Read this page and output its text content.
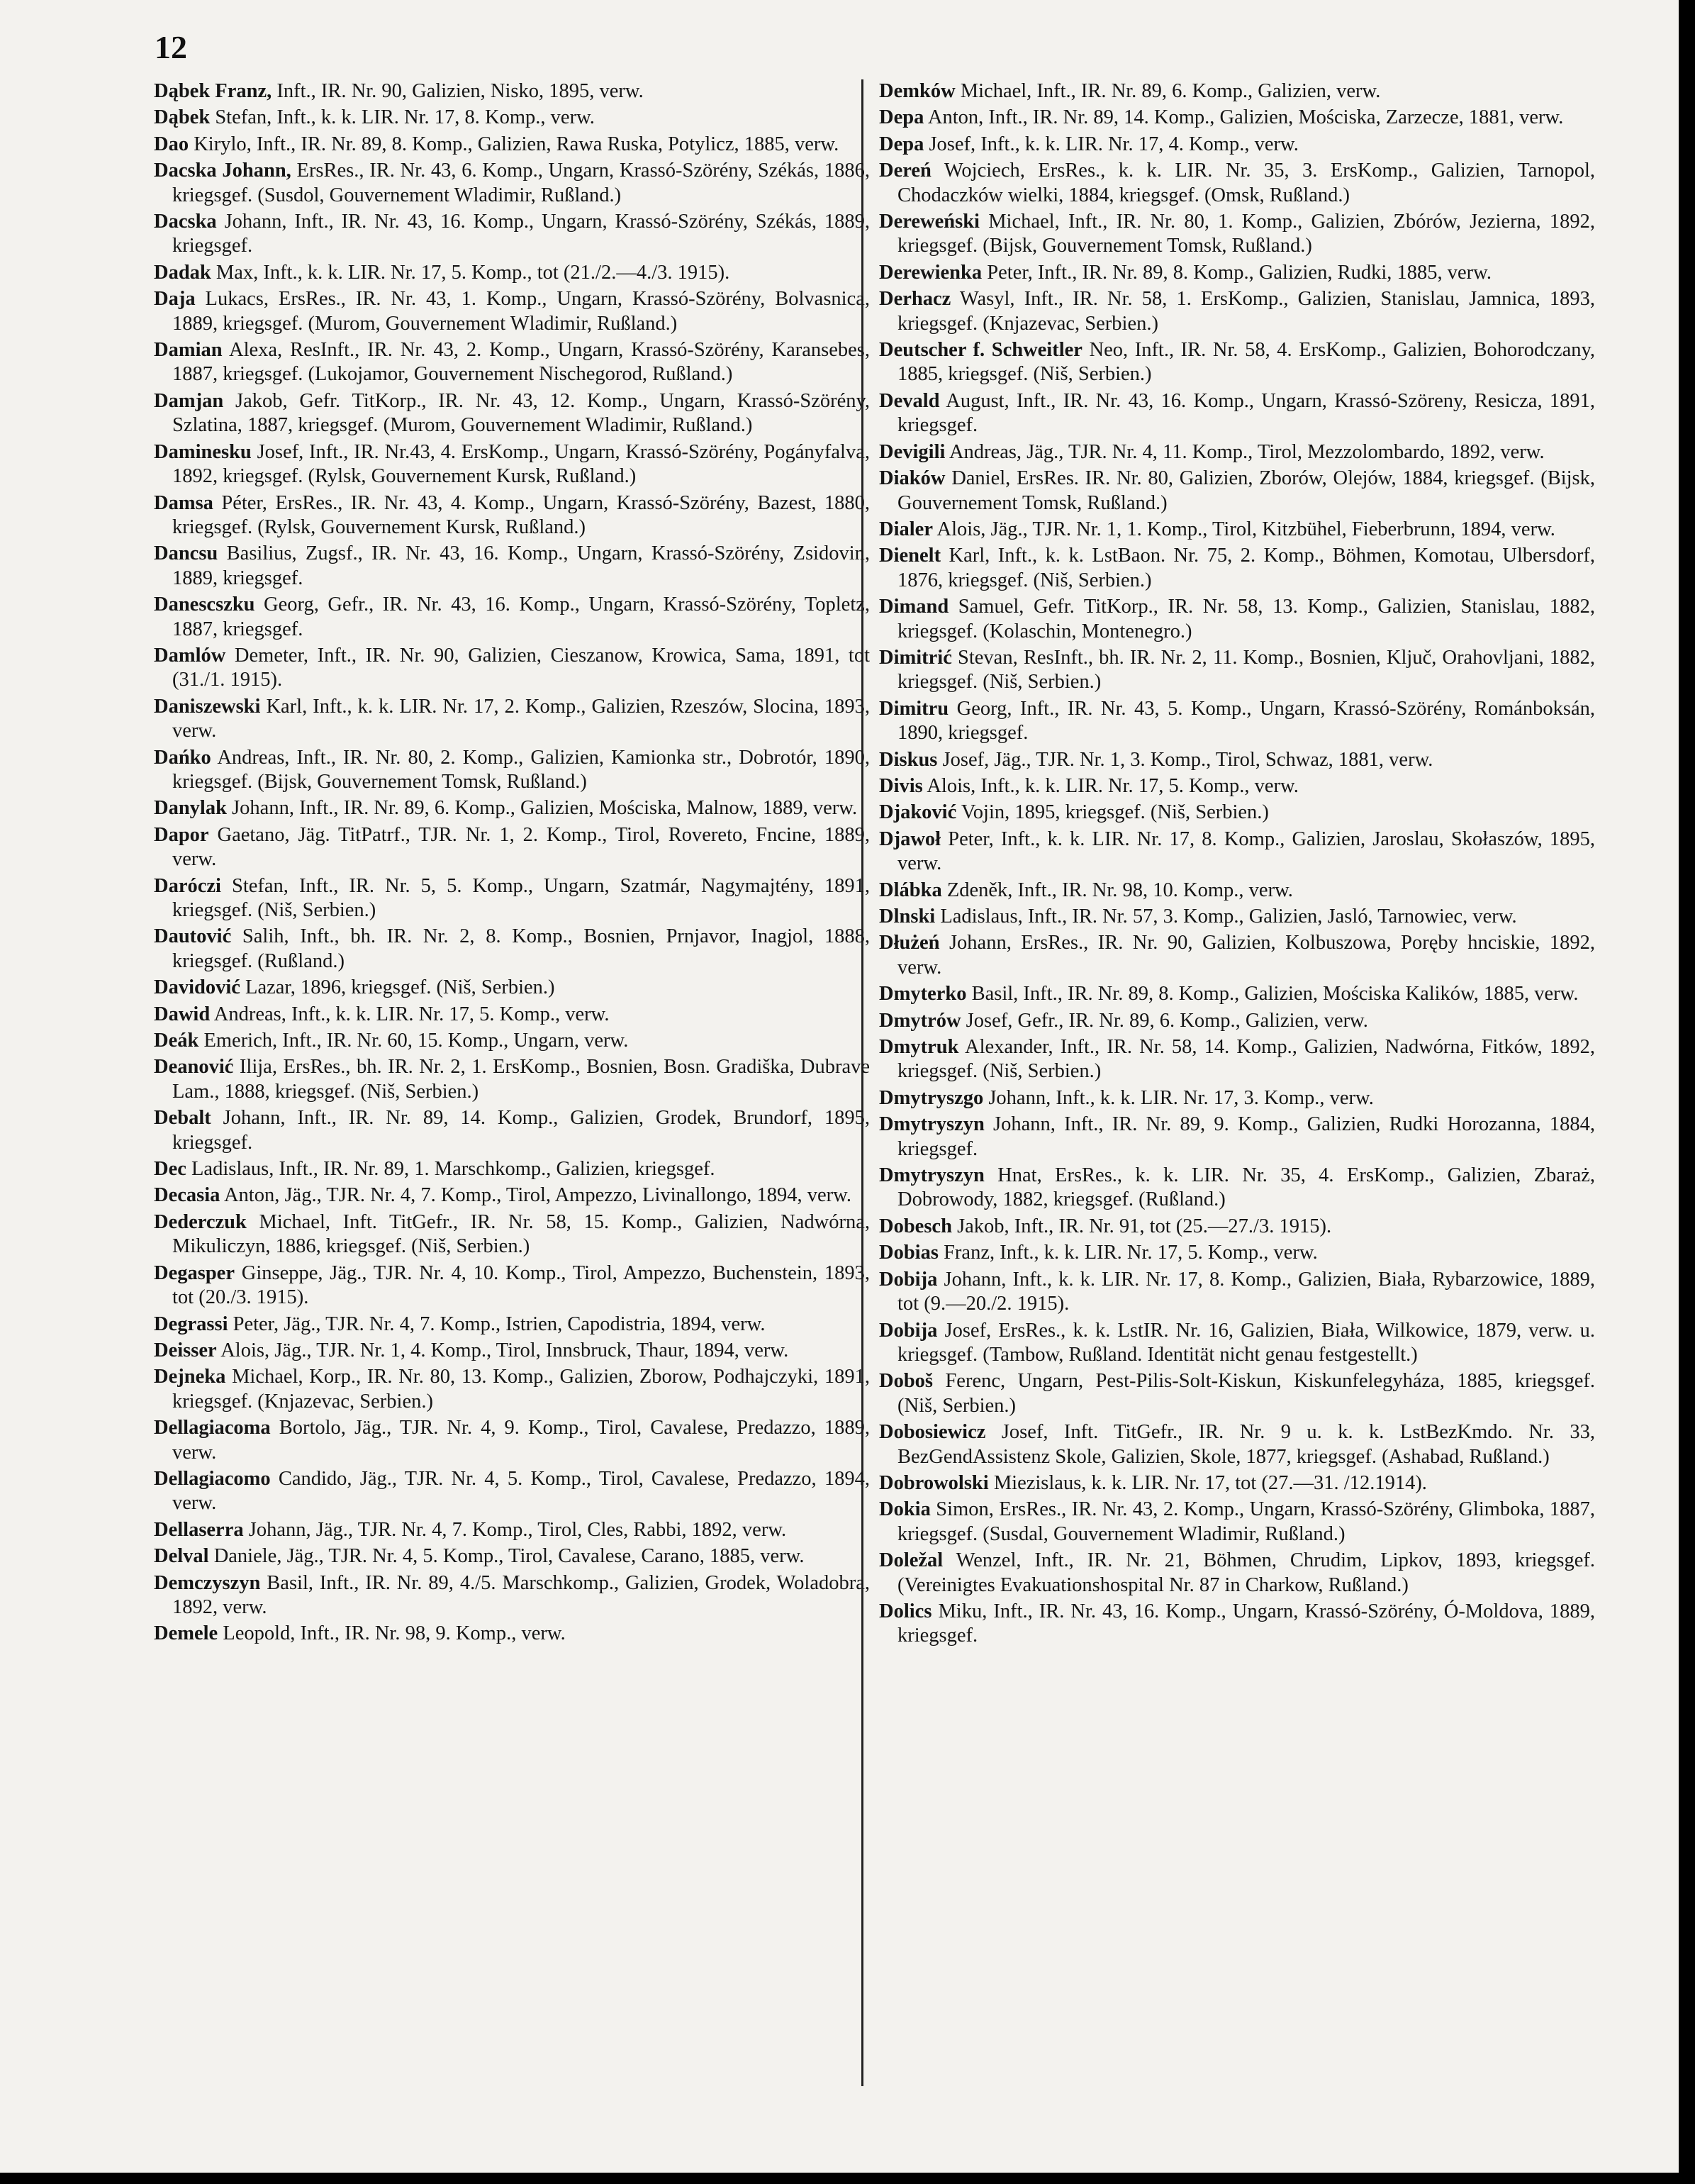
12

Dąbek Franz, Inft., IR. Nr. 90, Galizien, Nisko, 1895, verw.

Dąbek Stefan, Inft., k. k. LIR. Nr. 17, 8. Komp., verw.

Dao Kirylo, Inft., IR. Nr. 89, 8. Komp., Galizien, Rawa Ruska, Potylicz, 1885, verw.

Dacska Johann, ErsRes., IR. Nr. 43, 6. Komp., Ungarn, Krassó-Szörény, Székás, 1886, kriegsgef. (Susdol, Gouvernement Wladimir, Rußland.)

Dacska Johann, Inft., IR. Nr. 43, 16. Komp., Ungarn, Krassó-Szörény, Székás, 1889, kriegsgef.

Dadak Max, Inft., k. k. LIR. Nr. 17, 5. Komp., tot (21./2.—4./3. 1915).

Daja Lukacs, ErsRes., IR. Nr. 43, 1. Komp., Ungarn, Krassó-Szörény, Bolvasnica, 1889, kriegsgef. (Murom, Gouvernement Wladimir, Rußland.)

Damian Alexa, ResInft., IR. Nr. 43, 2. Komp., Ungarn, Krassó-Szörény, Karansebes, 1887, kriegsgef. (Lukojamor, Gouvernement Nischegorod, Rußland.)

Damjan Jakob, Gefr. TitKorp., IR. Nr. 43, 12. Komp., Ungarn, Krassó-Szörény, Szlatina, 1887, kriegsgef. (Murom, Gouvernement Wladimir, Rußland.)

Daminesku Josef, Inft., IR. Nr.43, 4. ErsKomp., Ungarn, Krassó-Szörény, Pogányfalva, 1892, kriegsgef. (Rylsk, Gouvernement Kursk, Rußland.)

Damsa Péter, ErsRes., IR. Nr. 43, 4. Komp., Ungarn, Krassó-Szörény, Bazest, 1880, kriegsgef. (Rylsk, Gouvernement Kursk, Rußland.)

Dancsu Basilius, Zugsf., IR. Nr. 43, 16. Komp., Ungarn, Krassó-Szörény, Zsidovin, 1889, kriegsgef.

Danescszku Georg, Gefr., IR. Nr. 43, 16. Komp., Ungarn, Krassó-Szörény, Topletz, 1887, kriegsgef.

Damlów Demeter, Inft., IR. Nr. 90, Galizien, Cieszanow, Krowica, Sama, 1891, tot (31./1. 1915).

Daniszewski Karl, Inft., k. k. LIR. Nr. 17, 2. Komp., Galizien, Rzeszów, Slocina, 1893, verw.

Dańko Andreas, Inft., IR. Nr. 80, 2. Komp., Galizien, Kamionka str., Dobrotór, 1890, kriegsgef. (Bijsk, Gouvernement Tomsk, Rußland.)

Danylak Johann, Inft., IR. Nr. 89, 6. Komp., Galizien, Mościska, Malnow, 1889, verw.

Dapor Gaetano, Jäg. TitPatrf., TJR. Nr. 1, 2. Komp., Tirol, Rovereto, Fncine, 1889, verw.

Daróczi Stefan, Inft., IR. Nr. 5, 5. Komp., Ungarn, Szatmár, Nagymajtény, 1891, kriegsgef. (Niš, Serbien.)

Dautović Salih, Inft., bh. IR. Nr. 2, 8. Komp., Bosnien, Prnjavor, Inagjol, 1888, kriegsgef. (Rußland.)

Davidović Lazar, 1896, kriegsgef. (Niš, Serbien.)

Dawid Andreas, Inft., k. k. LIR. Nr. 17, 5. Komp., verw.

Deák Emerich, Inft., IR. Nr. 60, 15. Komp., Ungarn, verw.

Deanović Ilija, ErsRes., bh. IR. Nr. 2, 1. ErsKomp., Bosnien, Bosn. Gradiška, Dubrave Lam., 1888, kriegsgef. (Niš, Serbien.)

Debalt Johann, Inft., IR. Nr. 89, 14. Komp., Galizien, Grodek, Brundorf, 1895, kriegsgef.

Dec Ladislaus, Inft., IR. Nr. 89, 1. Marschkomp., Galizien, kriegsgef.

Decasia Anton, Jäg., TJR. Nr. 4, 7. Komp., Tirol, Ampezzo, Livinallongo, 1894, verw.

Dederczuk Michael, Inft. TitGefr., IR. Nr. 58, 15. Komp., Galizien, Nadwórna, Mikuliczyn, 1886, kriegsgef. (Niš, Serbien.)

Degasper Ginseppe, Jäg., TJR. Nr. 4, 10. Komp., Tirol, Ampezzo, Buchenstein, 1893, tot (20./3. 1915).

Degrassi Peter, Jäg., TJR. Nr. 4, 7. Komp., Istrien, Capodistria, 1894, verw.

Deisser Alois, Jäg., TJR. Nr. 1, 4. Komp., Tirol, Innsbruck, Thaur, 1894, verw.

Dejneka Michael, Korp., IR. Nr. 80, 13. Komp., Galizien, Zborow, Podhajczyki, 1891, kriegsgef. (Knjazevac, Serbien.)

Dellagiacoma Bortolo, Jäg., TJR. Nr. 4, 9. Komp., Tirol, Cavalese, Predazzo, 1889, verw.

Dellagiacomo Candido, Jäg., TJR. Nr. 4, 5. Komp., Tirol, Cavalese, Predazzo, 1894, verw.

Dellaserra Johann, Jäg., TJR. Nr. 4, 7. Komp., Tirol, Cles, Rabbi, 1892, verw.

Delval Daniele, Jäg., TJR. Nr. 4, 5. Komp., Tirol, Cavalese, Carano, 1885, verw.

Demczyszyn Basil, Inft., IR. Nr. 89, 4./5. Marschkomp., Galizien, Grodek, Woladobra, 1892, verw.

Demele Leopold, Inft., IR. Nr. 98, 9. Komp., verw.

Demków Michael, Inft., IR. Nr. 89, 6. Komp., Galizien, verw.

Depa Anton, Inft., IR. Nr. 89, 14. Komp., Galizien, Mościska, Zarzecze, 1881, verw.

Depa Josef, Inft., k. k. LIR. Nr. 17, 4. Komp., verw.

Dereń Wojciech, ErsRes., k. k. LIR. Nr. 35, 3. ErsKomp., Galizien, Tarnopol, Chodaczków wielki, 1884, kriegsgef. (Omsk, Rußland.)

Dereweński Michael, Inft., IR. Nr. 80, 1. Komp., Galizien, Zbórów, Jezierna, 1892, kriegsgef. (Bijsk, Gouvernement Tomsk, Rußland.)

Derewienka Peter, Inft., IR. Nr. 89, 8. Komp., Galizien, Rudki, 1885, verw.

Derhacz Wasyl, Inft., IR. Nr. 58, 1. ErsKomp., Galizien, Stanislau, Jamnica, 1893, kriegsgef. (Knjazevac, Serbien.)

Deutscher f. Schweitler Neo, Inft., IR. Nr. 58, 4. ErsKomp., Galizien, Bohorodczany, 1885, kriegsgef. (Niš, Serbien.)

Devald August, Inft., IR. Nr. 43, 16. Komp., Ungarn, Krassó-Szöreny, Resicza, 1891, kriegsgef.

Devigili Andreas, Jäg., TJR. Nr. 4, 11. Komp., Tirol, Mezzolombardo, 1892, verw.

Diaków Daniel, ErsRes. IR. Nr. 80, Galizien, Zborów, Olejów, 1884, kriegsgef. (Bijsk, Gouvernement Tomsk, Rußland.)

Dialer Alois, Jäg., TJR. Nr. 1, 1. Komp., Tirol, Kitzbühel, Fieberbrunn, 1894, verw.

Dienelt Karl, Inft., k. k. LstBaon. Nr. 75, 2. Komp., Böhmen, Komotau, Ulbersdorf, 1876, kriegsgef. (Niš, Serbien.)

Dimand Samuel, Gefr. TitKorp., IR. Nr. 58, 13. Komp., Galizien, Stanislau, 1882, kriegsgef. (Kolaschin, Montenegro.)

Dimitrić Stevan, ResInft., bh. IR. Nr. 2, 11. Komp., Bosnien, Ključ, Orahovljani, 1882, kriegsgef. (Niš, Serbien.)

Dimitru Georg, Inft., IR. Nr. 43, 5. Komp., Ungarn, Krassó-Szörény, Románboksán, 1890, kriegsgef.

Diskus Josef, Jäg., TJR. Nr. 1, 3. Komp., Tirol, Schwaz, 1881, verw.

Divis Alois, Inft., k. k. LIR. Nr. 17, 5. Komp., verw.

Djaković Vojin, 1895, kriegsgef. (Niš, Serbien.)

Djawoł Peter, Inft., k. k. LIR. Nr. 17, 8. Komp., Galizien, Jaroslau, Skołaszów, 1895, verw.

Dlábka Zdeněk, Inft., IR. Nr. 98, 10. Komp., verw.

Dlnski Ladislaus, Inft., IR. Nr. 57, 3. Komp., Galizien, Jasló, Tarnowiec, verw.

Dłużeń Johann, ErsRes., IR. Nr. 90, Galizien, Kolbuszowa, Poręby hnciskie, 1892, verw.

Dmyterko Basil, Inft., IR. Nr. 89, 8. Komp., Galizien, Mościska Kalików, 1885, verw.

Dmytrów Josef, Gefr., IR. Nr. 89, 6. Komp., Galizien, verw.

Dmytruk Alexander, Inft., IR. Nr. 58, 14. Komp., Galizien, Nadwórna, Fitków, 1892, kriegsgef. (Niš, Serbien.)

Dmytryszgo Johann, Inft., k. k. LIR. Nr. 17, 3. Komp., verw.

Dmytryszyn Johann, Inft., IR. Nr. 89, 9. Komp., Galizien, Rudki Horozanna, 1884, kriegsgef.

Dmytryszyn Hnat, ErsRes., k. k. LIR. Nr. 35, 4. ErsKomp., Galizien, Zbaraż, Dobrowody, 1882, kriegsgef. (Rußland.)

Dobesch Jakob, Inft., IR. Nr. 91, tot (25.—27./3. 1915).

Dobias Franz, Inft., k. k. LIR. Nr. 17, 5. Komp., verw.

Dobija Johann, Inft., k. k. LIR. Nr. 17, 8. Komp., Galizien, Biała, Rybarzowice, 1889, tot (9.—20./2. 1915).

Dobija Josef, ErsRes., k. k. LstIR. Nr. 16, Galizien, Biała, Wilkowice, 1879, verw. u. kriegsgef. (Tambow, Rußland. Identität nicht genau festgestellt.)

Doboš Ferenc, Ungarn, Pest-Pilis-Solt-Kiskun, Kiskunfelegyháza, 1885, kriegsgef. (Niš, Serbien.)

Dobosiewicz Josef, Inft. TitGefr., IR. Nr. 9 u. k. k. LstBezKmdo. Nr. 33, BezGendAssistenz Skole, Galizien, Skole, 1877, kriegsgef. (Ashabad, Rußland.)

Dobrowolski Miezislaus, k. k. LIR. Nr. 17, tot (27.—31. /12.1914).

Dokia Simon, ErsRes., IR. Nr. 43, 2. Komp., Ungarn, Krassó-Szörény, Glimboka, 1887, kriegsgef. (Susdal, Gouvernement Wladimir, Rußland.)

Doležal Wenzel, Inft., IR. Nr. 21, Böhmen, Chrudim, Lipkov, 1893, kriegsgef. (Vereinigtes Evakuationshospital Nr. 87 in Charkow, Rußland.)

Dolics Miku, Inft., IR. Nr. 43, 16. Komp., Ungarn, Krassó-Szörény, Ó-Moldova, 1889, kriegsgef.
